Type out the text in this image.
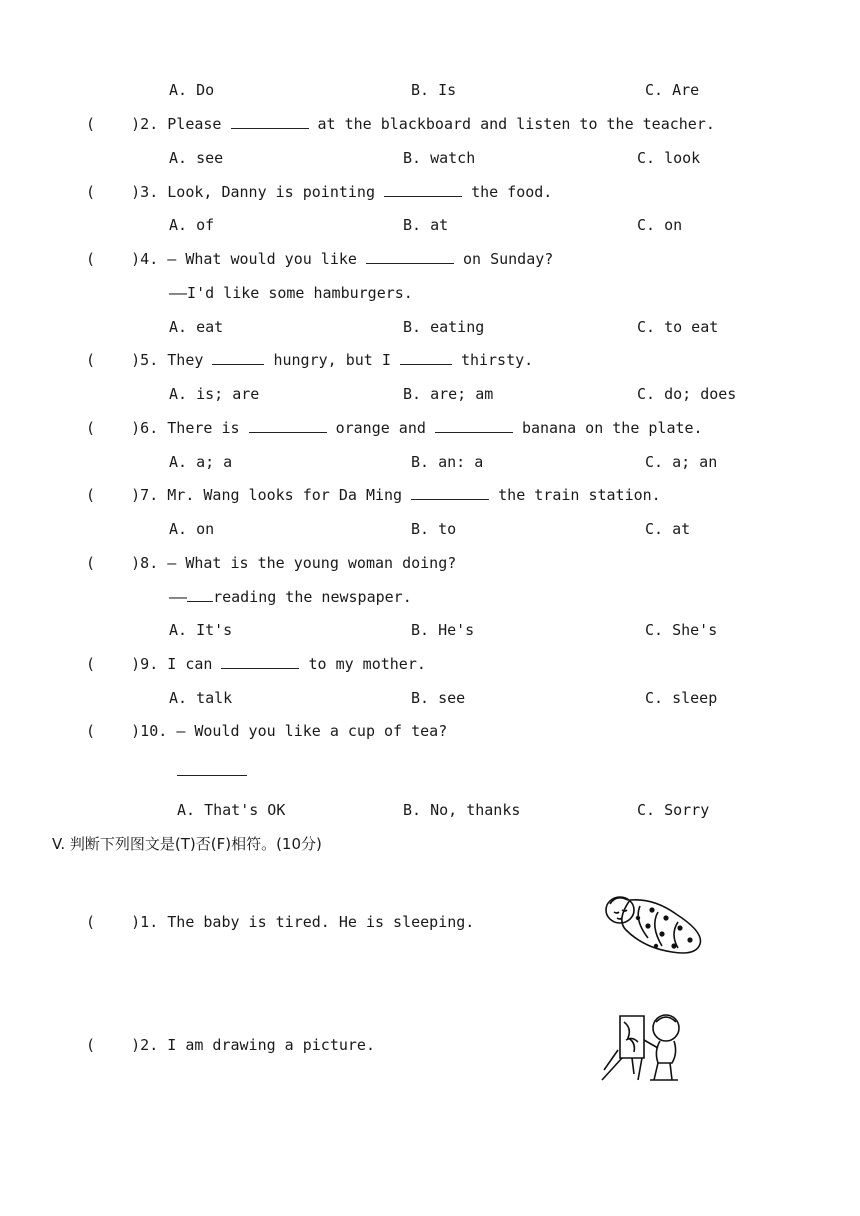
A. Do	B. Is	C. Are
(    )2. Please	at the blackboard and listen to the teacher.
A. see	B. watch	C. look
(    )3. Look, Danny is pointing	the food.
A. of	B. at	C. on
(    )4. — What would you like	on Sunday?
——I'd like some hamburgers.
A. eat	B. eating	C. to eat
(    )5. They	hungry, but I	thirsty.
A. is; are	B. are; am	C. do; does
(    )6. There is	orange and	banana on the plate.
A. a; a	B. an: a	C. a; an
(    )7. Mr. Wang looks for Da Ming	the train station.
A. on	B. to	C. at
(    )8. — What is the young woman doing?
—— reading the newspaper.
A. It's	B. He's	C. She's
(    )9. I can	to my mother.
A. talk	B. see	C. sleep
(    )10. — Would you like a cup of tea?
A. That's OK	B. No, thanks	C. Sorry
V. 判断下列图文是(T)否(F)相符。(10分)
(    )1. The baby is tired. He is sleeping.
(    )2. I am drawing a picture.
